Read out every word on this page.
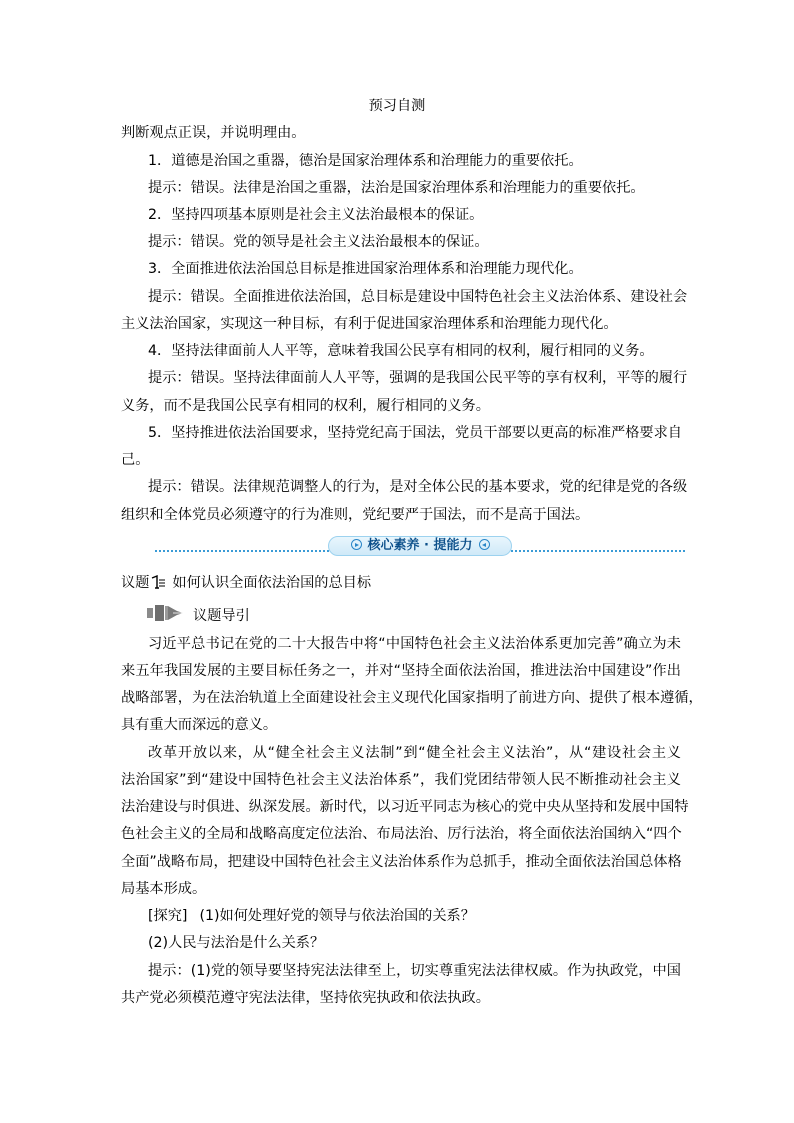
预习自测
判断观点正误，并说明理由。
1．道德是治国之重器，德治是国家治理体系和治理能力的重要依托。
提示：错误。法律是治国之重器，法治是国家治理体系和治理能力的重要依托。
2．坚持四项基本原则是社会主义法治最根本的保证。
提示：错误。党的领导是社会主义法治最根本的保证。
3．全面推进依法治国总目标是推进国家治理体系和治理能力现代化。
提示：错误。全面推进依法治国，总目标是建设中国特色社会主义法治体系、建设社会
主义法治国家，实现这一种目标，有利于促进国家治理体系和治理能力现代化。
4．坚持法律面前人人平等，意味着我国公民享有相同的权利，履行相同的义务。
提示：错误。坚持法律面前人人平等，强调的是我国公民平等的享有权利，平等的履行
义务，而不是我国公民享有相同的权利，履行相同的义务。
5．坚持推进依法治国要求，坚持党纪高于国法，党员干部要以更高的标准严格要求自
己。
提示：错误。法律规范调整人的行为，是对全体公民的基本要求，党的纪律是党的各级
组织和全体党员必须遵守的行为准则，党纪要严于国法，而不是高于国法。
核心素养 · 提能力
议题 如何认识全面依法治国的总目标
议题导引
习近平总书记在党的二十大报告中将“中国特色社会主义法治体系更加完善”确立为未
来五年我国发展的主要目标任务之一，并对“坚持全面依法治国，推进法治中国建设”作出
战略部署，为在法治轨道上全面建设社会主义现代化国家指明了前进方向、提供了根本遵循，
具有重大而深远的意义。
改革开放以来，从“健全社会主义法制”到“健全社会主义法治”，从“建设社会主义
法治国家”到“建设中国特色社会主义法治体系”，我们党团结带领人民不断推动社会主义
法治建设与时俱进、纵深发展。新时代，以习近平同志为核心的党中央从坚持和发展中国特
色社会主义的全局和战略高度定位法治、布局法治、厉行法治，将全面依法治国纳入“四个
全面”战略布局，把建设中国特色社会主义法治体系作为总抓手，推动全面依法治国总体格
局基本形成。
[探究] (1)如何处理好党的领导与依法治国的关系？
(2)人民与法治是什么关系？
提示：(1)党的领导要坚持宪法法律至上，切实尊重宪法法律权威。作为执政党，中国
共产党必须模范遵守宪法法律，坚持依宪执政和依法执政。
